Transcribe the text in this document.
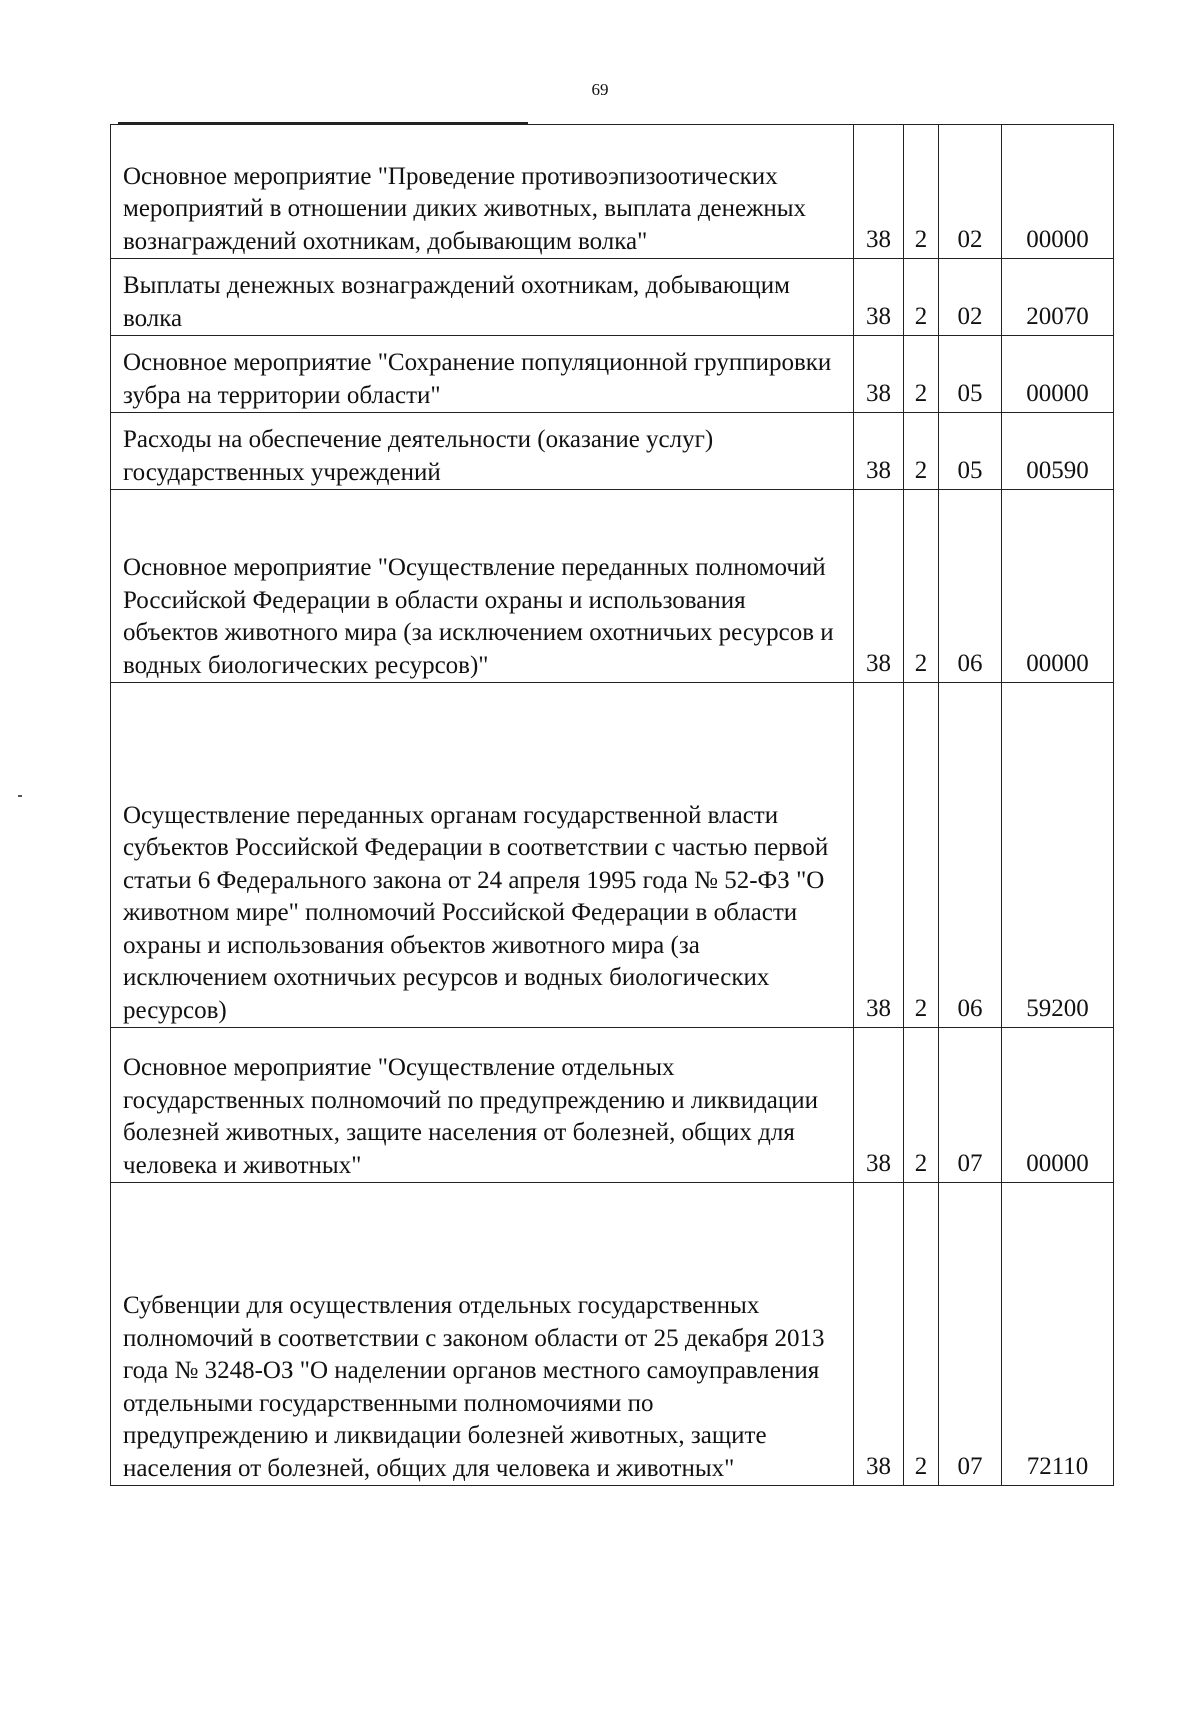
69
Основное мероприятие "Проведение противоэпизоотических мероприятий в отношении диких животных, выплата денежных вознаграждений охотникам, добывающим волка"	38	2	02	00000
Выплаты денежных вознаграждений охотникам, добывающим волка	38	2	02	20070
Основное мероприятие "Сохранение популяционной группировки зубра на территории области"	38	2	05	00000
Расходы на обеспечение деятельности (оказание услуг) государственных учреждений	38	2	05	00590
Основное мероприятие "Осуществление переданных полномочий Российской Федерации в области охраны и использования объектов животного мира (за исключением охотничьих ресурсов и водных биологических ресурсов)"	38	2	06	00000
Осуществление переданных органам государственной власти субъектов Российской Федерации в соответствии с частью первой статьи 6 Федерального закона от 24 апреля 1995 года № 52-ФЗ "О животном мире" полномочий Российской Федерации в области охраны и использования объектов животного мира (за исключением охотничьих ресурсов и водных биологических ресурсов)	38	2	06	59200
Основное мероприятие "Осуществление отдельных государственных полномочий по предупреждению и ликвидации болезней животных, защите населения от болезней, общих для человека и животных"	38	2	07	00000
Субвенции для осуществления отдельных государственных полномочий в соответствии с законом области от 25 декабря 2013 года № 3248-ОЗ "О наделении органов местного самоуправления отдельными государственными полномочиями по предупреждению и ликвидации болезней животных, защите населения от болезней, общих для человека и животных"	38	2	07	72110
